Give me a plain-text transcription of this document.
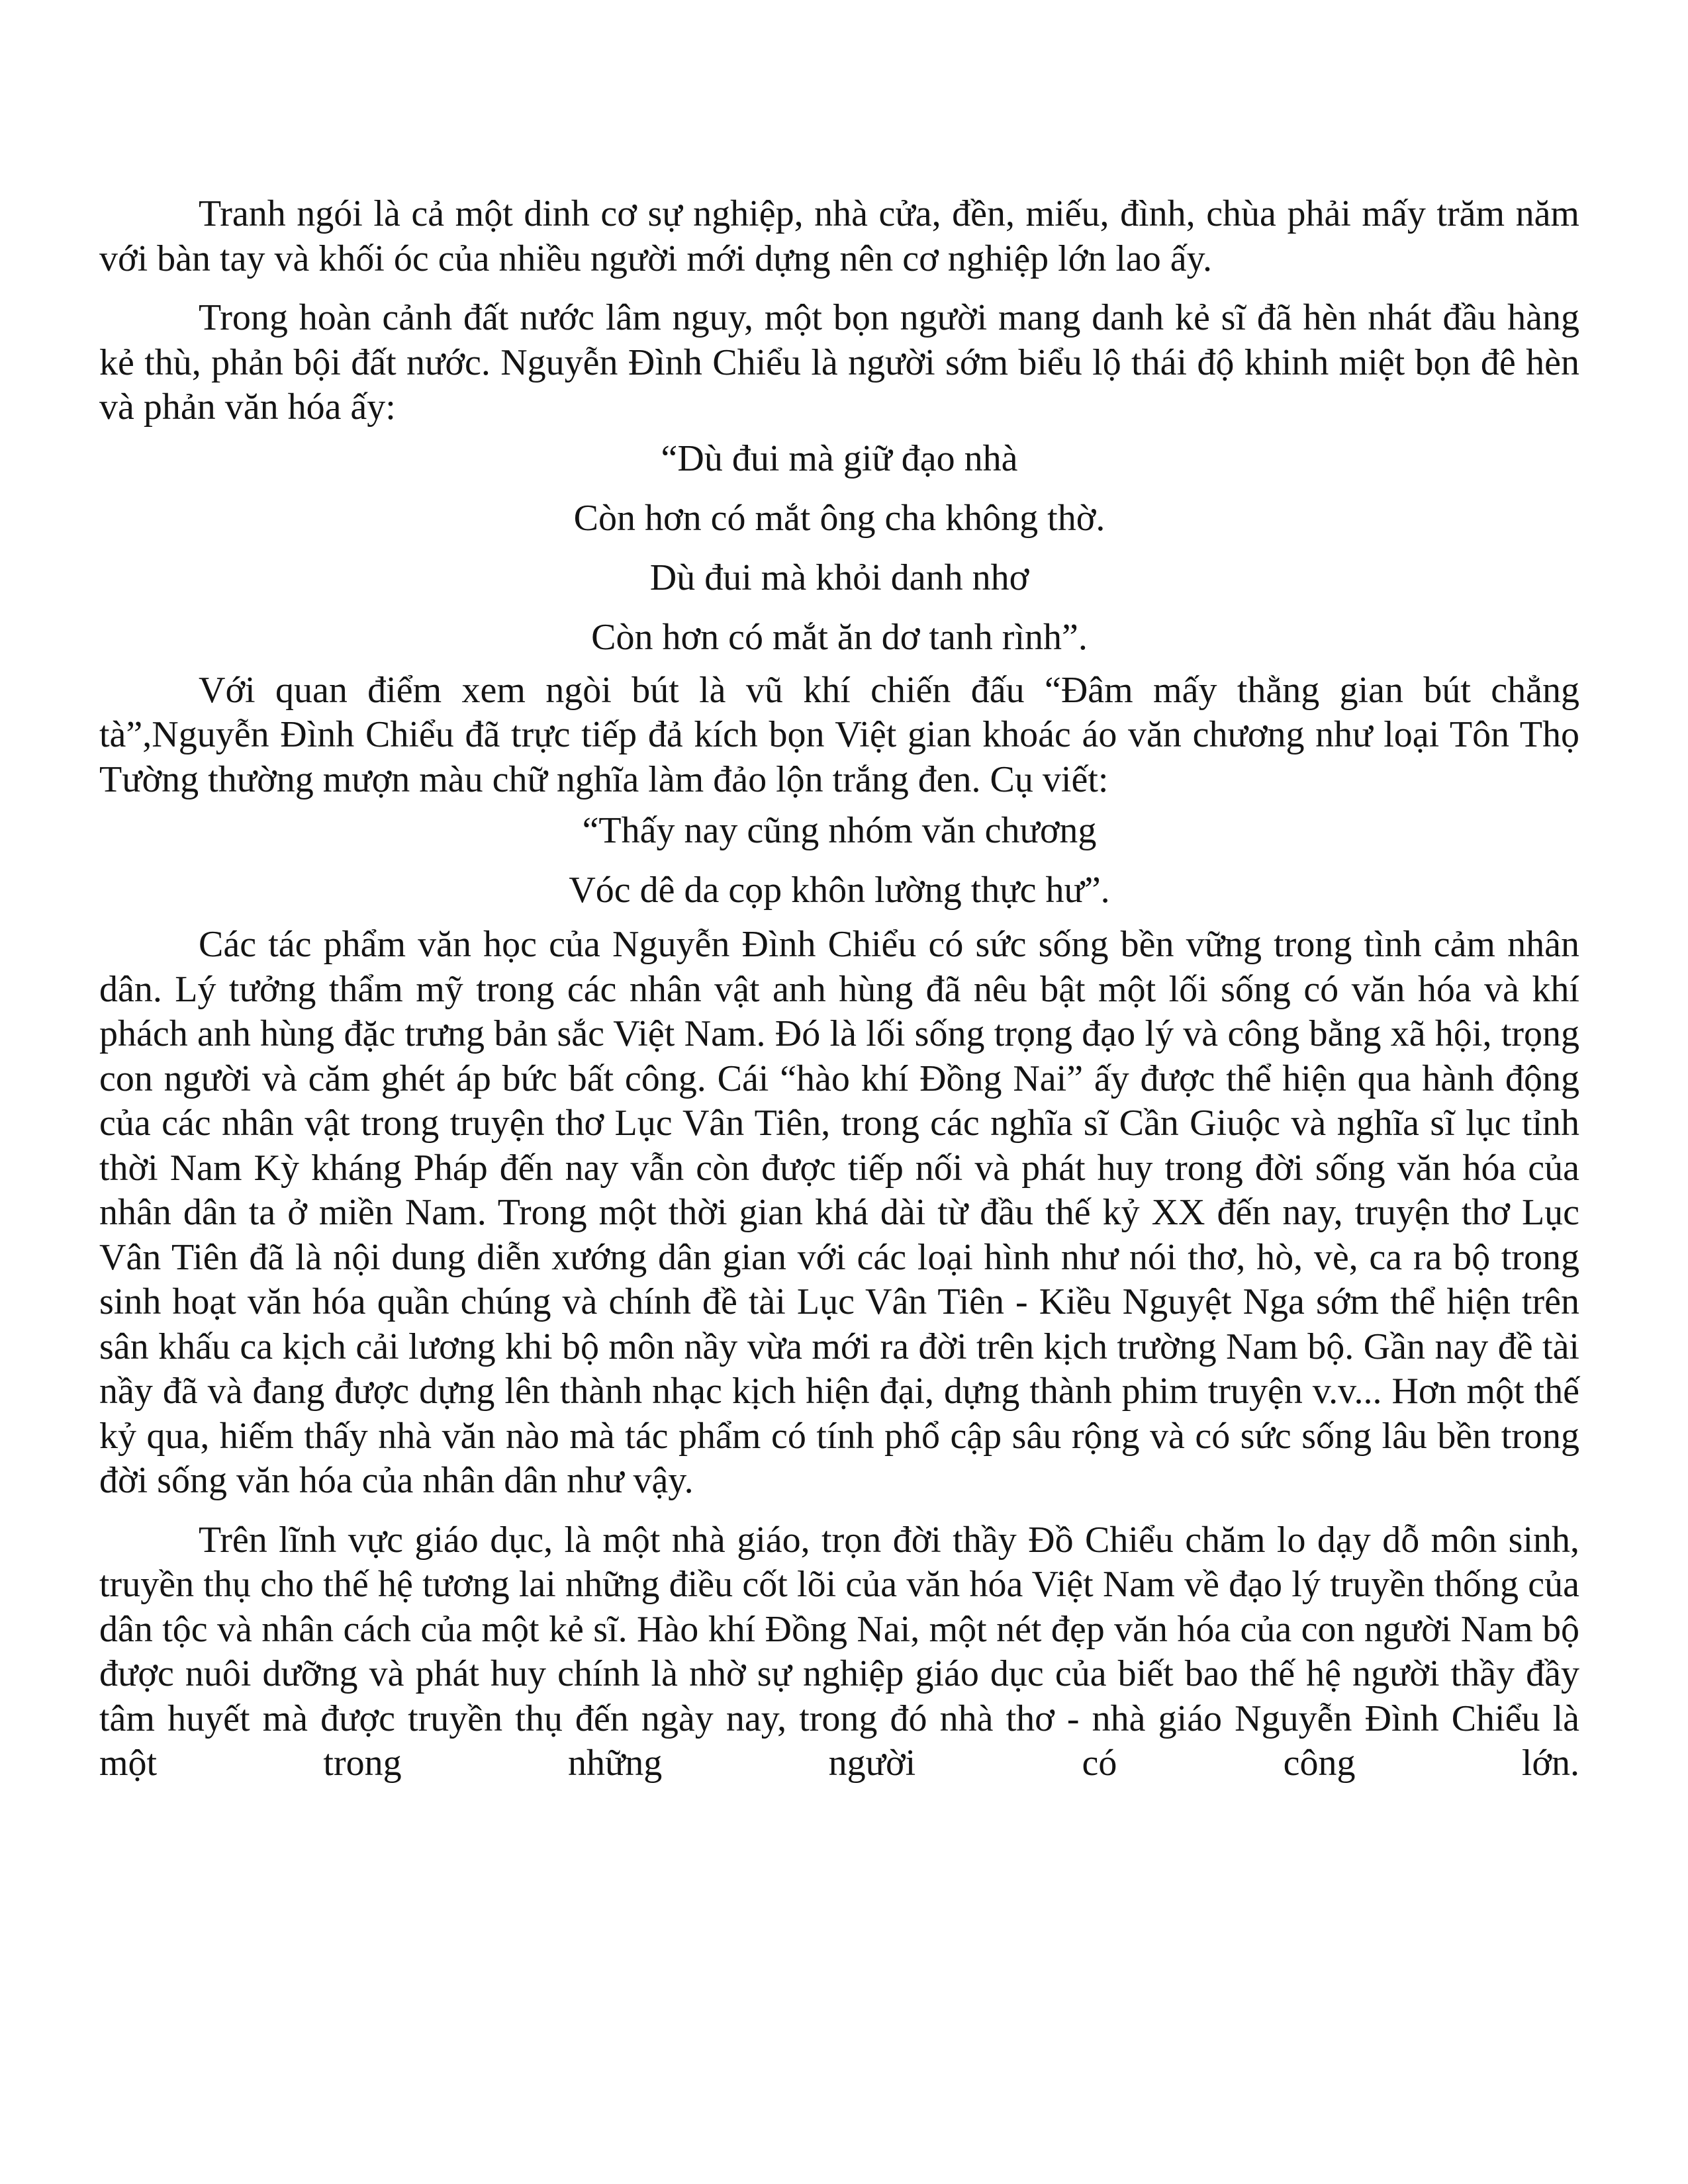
Tranh ngói là cả một dinh cơ sự nghiệp, nhà cửa, đền, miếu, đình, chùa phải mấy trăm năm với bàn tay và khối óc của nhiều người mới dựng nên cơ nghiệp lớn lao ấy.

Trong hoàn cảnh đất nước lâm nguy, một bọn người mang danh kẻ sĩ đã hèn nhát đầu hàng kẻ thù, phản bội đất nước. Nguyễn Đình Chiểu là người sớm biểu lộ thái độ khinh miệt bọn đê hèn và phản văn hóa ấy:

“Dù đui mà giữ đạo nhà
Còn hơn có mắt ông cha không thờ.
Dù đui mà khỏi danh nhơ
Còn hơn có mắt ăn dơ tanh rình”.

Với quan điểm xem ngòi bút là vũ khí chiến đấu “Đâm mấy thằng gian bút chẳng tà”,Nguyễn Đình Chiểu đã trực tiếp đả kích bọn Việt gian khoác áo văn chương như loại Tôn Thọ Tường thường mượn màu chữ nghĩa làm đảo lộn trắng đen. Cụ viết:

“Thấy nay cũng nhóm văn chương
Vóc dê da cọp khôn lường thực hư”.

Các tác phẩm văn học của Nguyễn Đình Chiểu có sức sống bền vững trong tình cảm nhân dân. Lý tưởng thẩm mỹ trong các nhân vật anh hùng đã nêu bật một lối sống có văn hóa và khí phách anh hùng đặc trưng bản sắc Việt Nam. Đó là lối sống trọng đạo lý và công bằng xã hội, trọng con người và căm ghét áp bức bất công. Cái “hào khí Đồng Nai” ấy được thể hiện qua hành động của các nhân vật trong truyện thơ Lục Vân Tiên, trong các nghĩa sĩ Cần Giuộc và nghĩa sĩ lục tỉnh thời Nam Kỳ kháng Pháp đến nay vẫn còn được tiếp nối và phát huy trong đời sống văn hóa của nhân dân ta ở miền Nam. Trong một thời gian khá dài từ đầu thế kỷ XX đến nay, truyện thơ Lục Vân Tiên đã là nội dung diễn xướng dân gian với các loại hình như nói thơ, hò, vè, ca ra bộ trong sinh hoạt văn hóa quần chúng và chính đề tài Lục Vân Tiên - Kiều Nguyệt Nga sớm thể hiện trên sân khấu ca kịch cải lương khi bộ môn nầy vừa mới ra đời trên kịch trường Nam bộ. Gần nay đề tài nầy đã và đang được dựng lên thành nhạc kịch hiện đại, dựng thành phim truyện v.v... Hơn một thế kỷ qua, hiếm thấy nhà văn nào mà tác phẩm có tính phổ cập sâu rộng và có sức sống lâu bền trong đời sống văn hóa của nhân dân như vậy.

Trên lĩnh vực giáo dục, là một nhà giáo, trọn đời thầy Đồ Chiểu chăm lo dạy dỗ môn sinh, truyền thụ cho thế hệ tương lai những điều cốt lõi của văn hóa Việt Nam về đạo lý truyền thống của dân tộc và nhân cách của một kẻ sĩ. Hào khí Đồng Nai, một nét đẹp văn hóa của con người Nam bộ được nuôi dưỡng và phát huy chính là nhờ sự nghiệp giáo dục của biết bao thế hệ người thầy đầy tâm huyết mà được truyền thụ đến ngày nay, trong đó nhà thơ - nhà giáo Nguyễn Đình Chiểu là một trong những người có công lớn.
